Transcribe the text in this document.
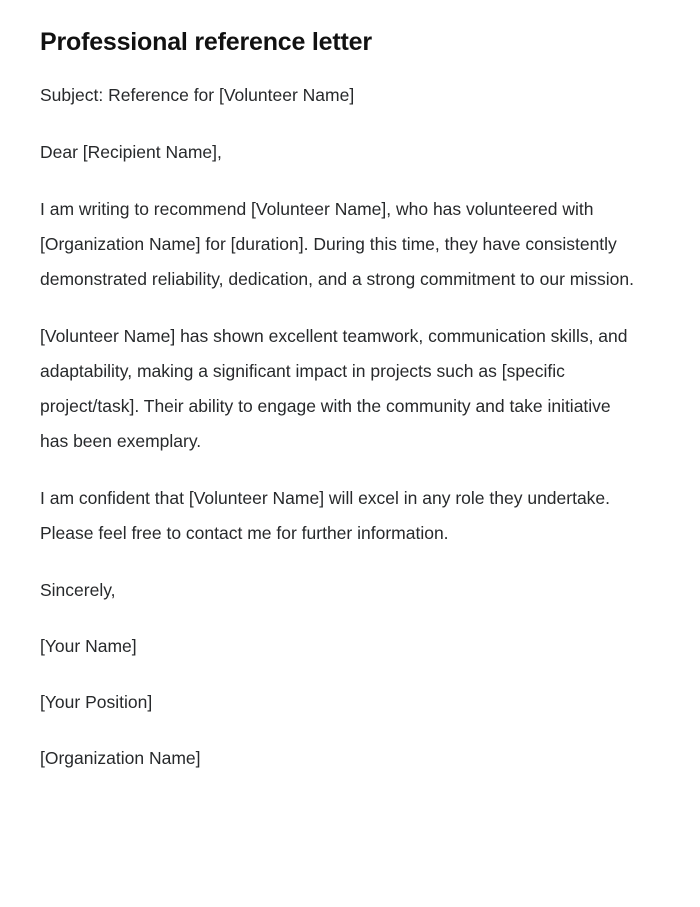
Professional reference letter

Subject: Reference for [Volunteer Name]

Dear [Recipient Name],

I am writing to recommend [Volunteer Name], who has volunteered with [Organization Name] for [duration]. During this time, they have consistently demonstrated reliability, dedication, and a strong commitment to our mission.

[Volunteer Name] has shown excellent teamwork, communication skills, and adaptability, making a significant impact in projects such as [specific project/task]. Their ability to engage with the community and take initiative has been exemplary.

I am confident that [Volunteer Name] will excel in any role they undertake. Please feel free to contact me for further information.

Sincerely,

[Your Name]

[Your Position]

[Organization Name]
